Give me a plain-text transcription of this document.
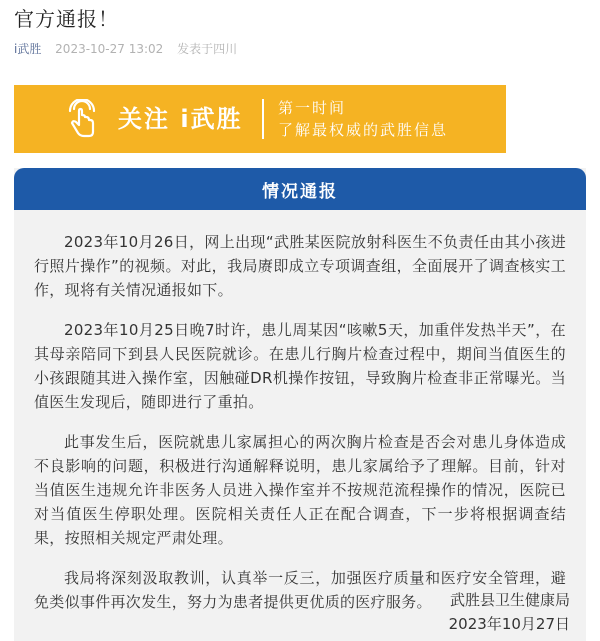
官方通报！
i武胜 2023-10-27 13:02 发表于四川
关注 i武胜 第一时间
了解最权威的武胜信息
情况通报

2023年10月26日，网上出现“武胜某医院放射科医生不负责任由其小孩进行照片操作”的视频。对此，我局赓即成立专项调查组，全面展开了调查核实工作，现将有关情况通报如下。

2023年10月25日晚7时许，患儿周某因“咳嗽5天，加重伴发热半天”，在其母亲陪同下到县人民医院就诊。在患儿行胸片检查过程中，期间当值医生的小孩跟随其进入操作室，因触碰DR机操作按钮，导致胸片检查非正常曝光。当值医生发现后，随即进行了重拍。

此事发生后，医院就患儿家属担心的两次胸片检查是否会对患儿身体造成不良影响的问题，积极进行沟通解释说明，患儿家属给予了理解。目前，针对当值医生违规允许非医务人员进入操作室并不按规范流程操作的情况，医院已对当值医生停职处理。医院相关责任人正在配合调查，下一步将根据调查结果，按照相关规定严肃处理。

我局将深刻汲取教训，认真举一反三，加强医疗质量和医疗安全管理，避免类似事件再次发生，努力为患者提供更优质的医疗服务。	武胜县卫生健康局
2023年10月27日
